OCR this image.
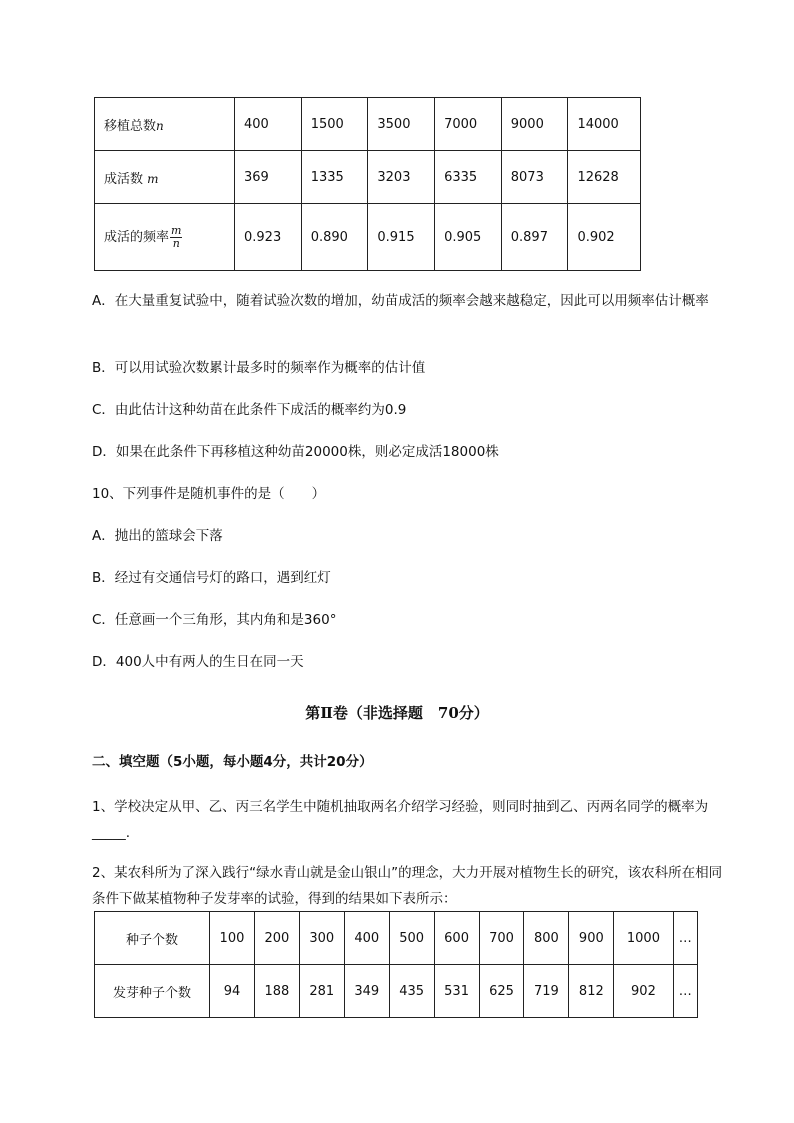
移植总数n	400	1500	3500	7000	9000	14000
成活数 m	369	1335	3203	6335	8073	12628
成活的频率 $\frac{m}{n}$	0.923	0.890	0.915	0.905	0.897	0.902
A．在大量重复试验中，随着试验次数的增加，幼苗成活的频率会越来越稳定，因此可以用频率估计概率
B．可以用试验次数累计最多时的频率作为概率的估计值
C．由此估计这种幼苗在此条件下成活的概率约为0.9
D．如果在此条件下再移植这种幼苗20000株，则必定成活18000株
10、下列事件是随机事件的是（　　）
A．抛出的篮球会下落
B．经过有交通信号灯的路口，遇到红灯
C．任意画一个三角形，其内角和是360°
D．400人中有两人的生日在同一天
第Ⅱ卷（非选择题　70分）
二、填空题（5小题，每小题4分，共计20分）
1、学校决定从甲、乙、丙三名学生中随机抽取两名介绍学习经验，则同时抽到乙、丙两名同学的概率为_____.
2、某农科所为了深入践行“绿水青山就是金山银山”的理念，大力开展对植物生长的研究，该农科所在相同条件下做某植物种子发芽率的试验，得到的结果如下表所示：
种子个数	100	200	300	400	500	600	700	800	900	1000	…
发芽种子个数	94	188	281	349	435	531	625	719	812	902	…
